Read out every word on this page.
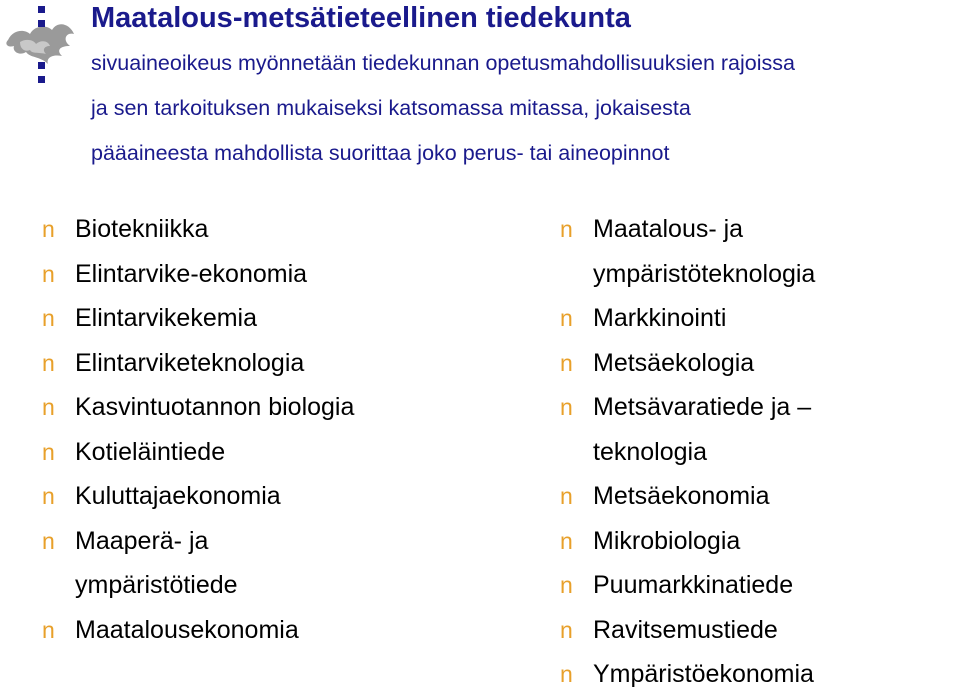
Maatalous-metsätieteellinen tiedekunta
sivuaineoikeus myönnetään tiedekunnan opetusmahdollisuuksien rajoissa
ja sen tarkoituksen mukaiseksi katsomassa mitassa, jokaisesta
pääaineesta mahdollista suorittaa joko perus- tai aineopinnot
n Biotekniikka
n Elintarvike-ekonomia
n Elintarvikekemia
n Elintarviketeknologia
n Kasvintuotannon biologia
n Kotieläintiede
n Kuluttajaekonomia
n Maaperä- ja
ympäristötiede
n Maatalousekonomia
n Maatalous- ja
ympäristöteknologia
n Markkinointi
n Metsäekologia
n Metsävaratiede ja –
teknologia
n Metsäekonomia
n Mikrobiologia
n Puumarkkinatiede
n Ravitsemustiede
n Ympäristöekonomia
